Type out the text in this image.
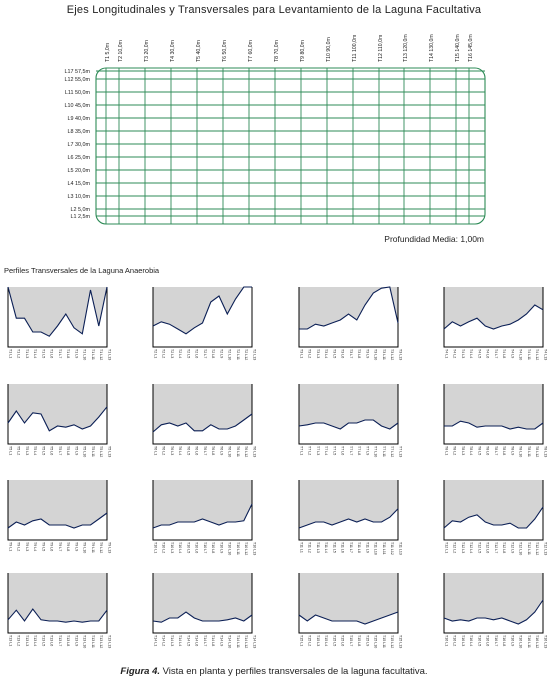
Ejes Longitudinales y Transversales para Levantamiento de la Laguna Facultativa
T1 5,0m T2 10,0m	T3 20,0m	T4 30,0m	T5 40,0m	T6 50,0m	T7 60,0m	T8 70,0m	T9 80,0m	T10 90,0m	T11 100,0m	T12 110,0m	T13 120,0m	T14 130,0m	T15 140,0m T16 145,0m
L17 57,5m
L12 55,0m
L11 50,0m
L10 45,0m
L9 40,0m
L8 35,0m
L7 30,0m
L6 25,0m
L5 20,0m
L4 15,0m
L3 10,0m
L2 5,0m
L1 2,5m
Profundidad Media: 1,00m
Perfiles Transversales de la Laguna Anaerobia
T1 L1 T1 L2 T1 L3 T1 L4 T1 L5 T1 L6 T1 L7 T1 L8 T1 L9 T1 L10 T1 L11 T1 L12 T1 L13	T2 L1 T2 L2 T2 L3 T2 L4 T2 L5 T2 L6 T2 L7 T2 L8 T2 L9 T2 L10 T2 L11 T2 L12 T2 L13	T3 L1 T3 L2 T3 L3 T3 L4 T3 L5 T3 L6 T3 L7 T3 L8 T3 L9 T3 L10 T3 L11 T3 L12 T3 L13	T4 L1 T4 L2 T4 L3 T4 L4 T4 L5 T4 L6 T4 L7 T4 L8 T4 L9 T4 L10 T4 L11 T4 L12 T4 L13
T5 L1 T5 L2 T5 L3 T5 L4 T5 L5 T5 L6 T5 L7 T5 L8 T5 L9 T5 L10 T5 L11 T5 L12 T5 L13	T6 L1 T6 L2 T6 L3 T6 L4 T6 L5 T6 L6 T6 L7 T6 L8 T6 L9 T6 L10 T6 L11 T6 L12 T6 L13	T7 L1 T7 L2 T7 L3 T7 L4 T7 L5 T7 L6 T7 L7 T7 L8 T7 L9 T7 L10 T7 L11 T7 L12 T7 L13	T8 L1 T8 L2 T8 L3 T8 L4 T8 L5 T8 L6 T8 L7 T8 L8 T8 L9 T8 L10 T8 L11 T8 L12 T8 L13
T9 L1 T9 L2 T9 L3 T9 L4 T9 L5 T9 L6 T9 L7 T9 L8 T9 L9 T9 L10 T9 L11 T9 L12 T9 L13	T10 L1 T10 L2 T10 L3 T10 L4 T10 L5 T10 L6 T10 L7 T10 L8 T10 L9 T10 L10 T10 L11 T10 L12 T10 L13	T11 L1 T11 L2 T11 L3 T11 L4 T11 L5 T11 L6 T11 L7 T11 L8 T11 L9 T11 L10 T11 L11 T11 L12 T11 L13	T12 L1 T12 L2 T12 L3 T12 L4 T12 L5 T12 L6 T12 L7 T12 L8 T12 L9 T12 L10 T12 L11 T12 L12 T12 L13
T13 L1 T13 L2 T13 L3 T13 L4 T13 L5 T13 L6 T13 L7 T13 L8 T13 L9 T13 L10 T13 L11 T13 L12 T13 L13	T14 L1 T14 L2 T14 L3 T14 L4 T14 L5 T14 L6 T14 L7 T14 L8 T14 L9 T14 L10 T14 L11 T14 L12 T14 L13	T15 L1 T15 L2 T15 L3 T15 L4 T15 L5 T15 L6 T15 L7 T15 L8 T15 L9 T15 L10 T15 L11 T15 L12 T15 L13	T16 L1 T16 L2 T16 L3 T16 L4 T16 L5 T16 L6 T16 L7 T16 L8 T16 L9 T16 L10 T16 L11 T16 L12 T16 L13
Figura 4. Vista en planta y perfiles transversales de la laguna facultativa.
